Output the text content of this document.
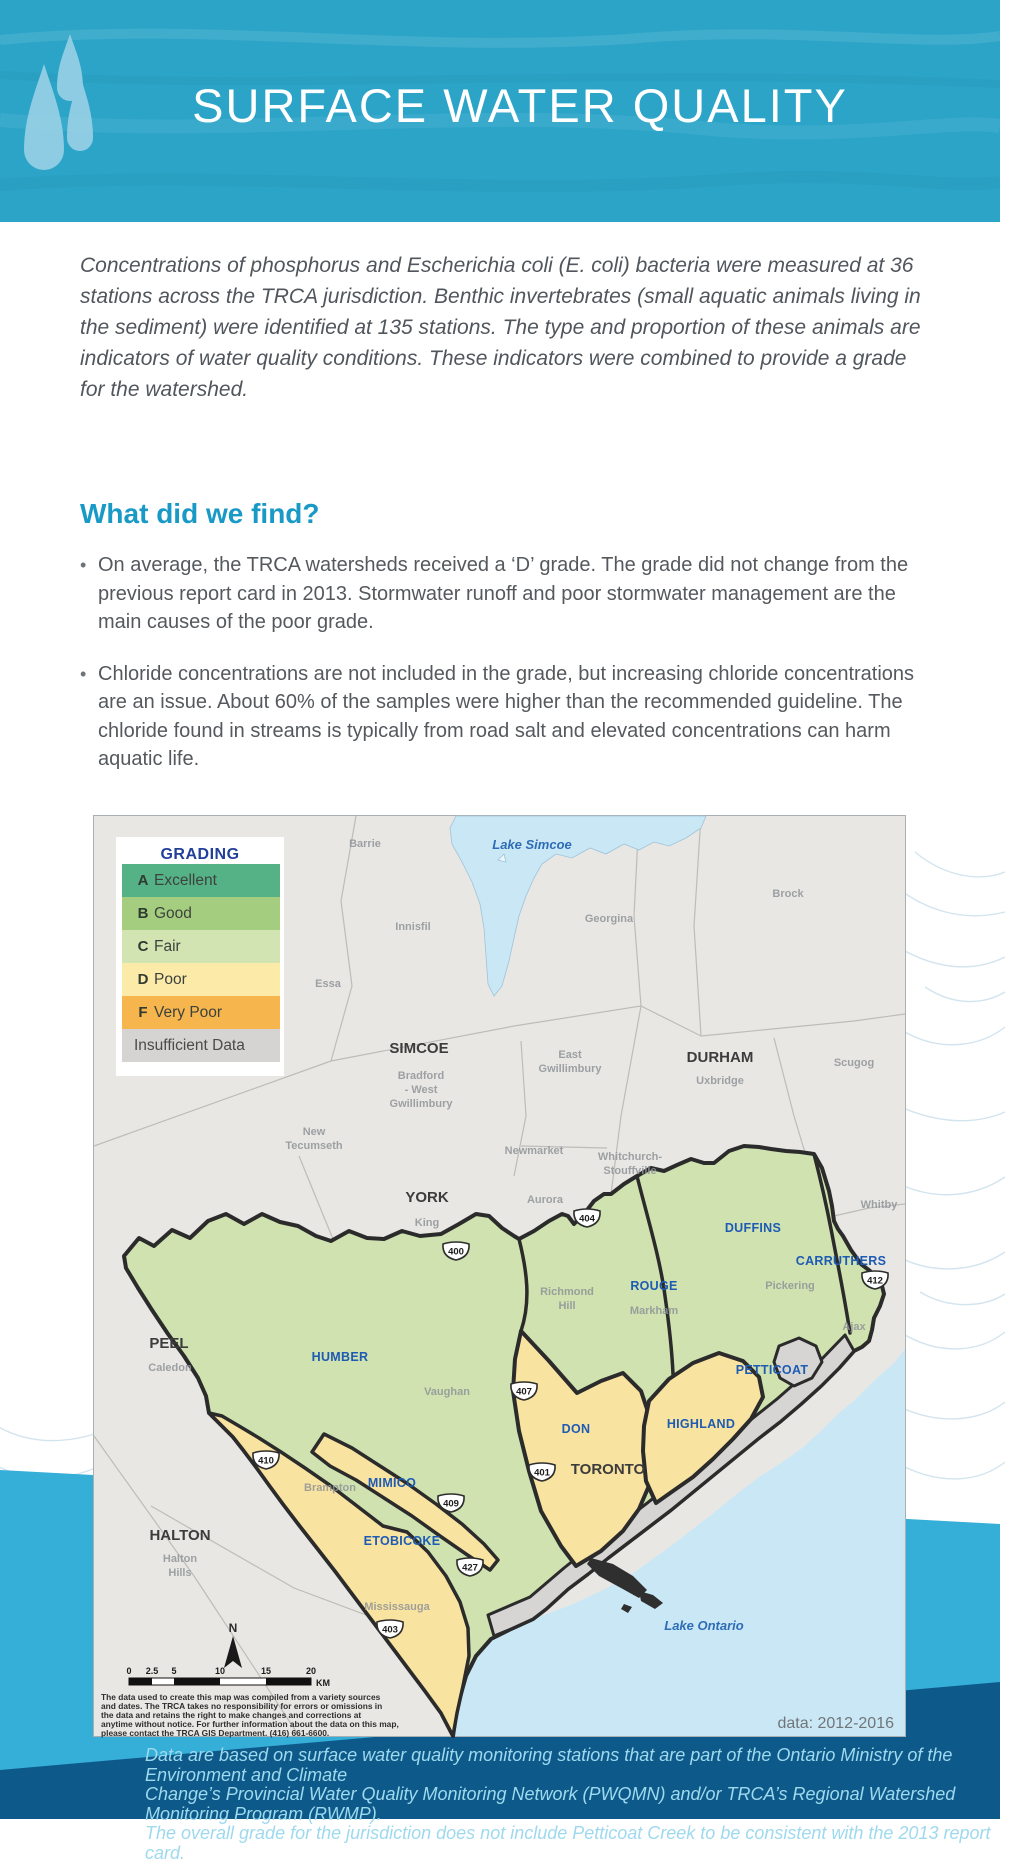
SURFACE WATER QUALITY
Concentrations of phosphorus and Escherichia coli (E. coli) bacteria were measured at 36 stations across the TRCA jurisdiction. Benthic invertebrates (small aquatic animals living in the sediment) were identified at 135 stations. The type and proportion of these animals are indicators of water quality conditions. These indicators were combined to provide a grade for the watershed.
What did we find?
• On average, the TRCA watersheds received a ‘D’ grade. The grade did not change from the previous report card in 2013. Stormwater runoff and poor stormwater management are the main causes of the poor grade.
• Chloride concentrations are not included in the grade, but increasing chloride concentrations are an issue. About 60% of the samples were higher than the recommended guideline. The chloride found in streams is typically from road salt and elevated concentrations can harm aquatic life.
Data are based on surface water quality monitoring stations that are part of the Ontario Ministry of the Environment and Climate
Change’s Provincial Water Quality Monitoring Network (PWQMN) and/or TRCA’s Regional Watershed Monitoring Program (RWMP).
The overall grade for the jurisdiction does not include Petticoat Creek to be consistent with the 2013 report card.
400
404
407
401
412
409
427
403
410
Lake Simcoe
Lake Ontario
SIMCOE
DURHAM
YORK
PEEL
HALTON
TORONTO
Barrie
Innisfil
Georgina
Brock
Essa
Bradford
- West
Gwillimbury
East
Gwillimbury
Uxbridge
Scugog
New
Tecumseth	Newmarket	Whitchurch-
Stouffville
Aurora
King
Whitby
Pickering
Ajax
Markham
Richmond
Hill
Vaughan
Brampton
Mississauga
Caledon
Halton
Hills
HUMBER
ROUGE
DUFFINS
CARRUTHERS
PETTICOAT
HIGHLAND
DON
MIMICO
ETOBICOKE
N
0 2.5 5	10	15	20
KM
The data used to create this map was compiled from a variety sources
and dates. The TRCA takes no responsibility for errors or omissions in
the data and retains the right to make changes and corrections at
anytime without notice. For further information about the data on this map,
please contact the TRCA GIS Department. (416) 661-6600.
data: 2012-2016
GRADING
A Excellent
B Good
C Fair
D Poor
F Very Poor
Insufficient Data
